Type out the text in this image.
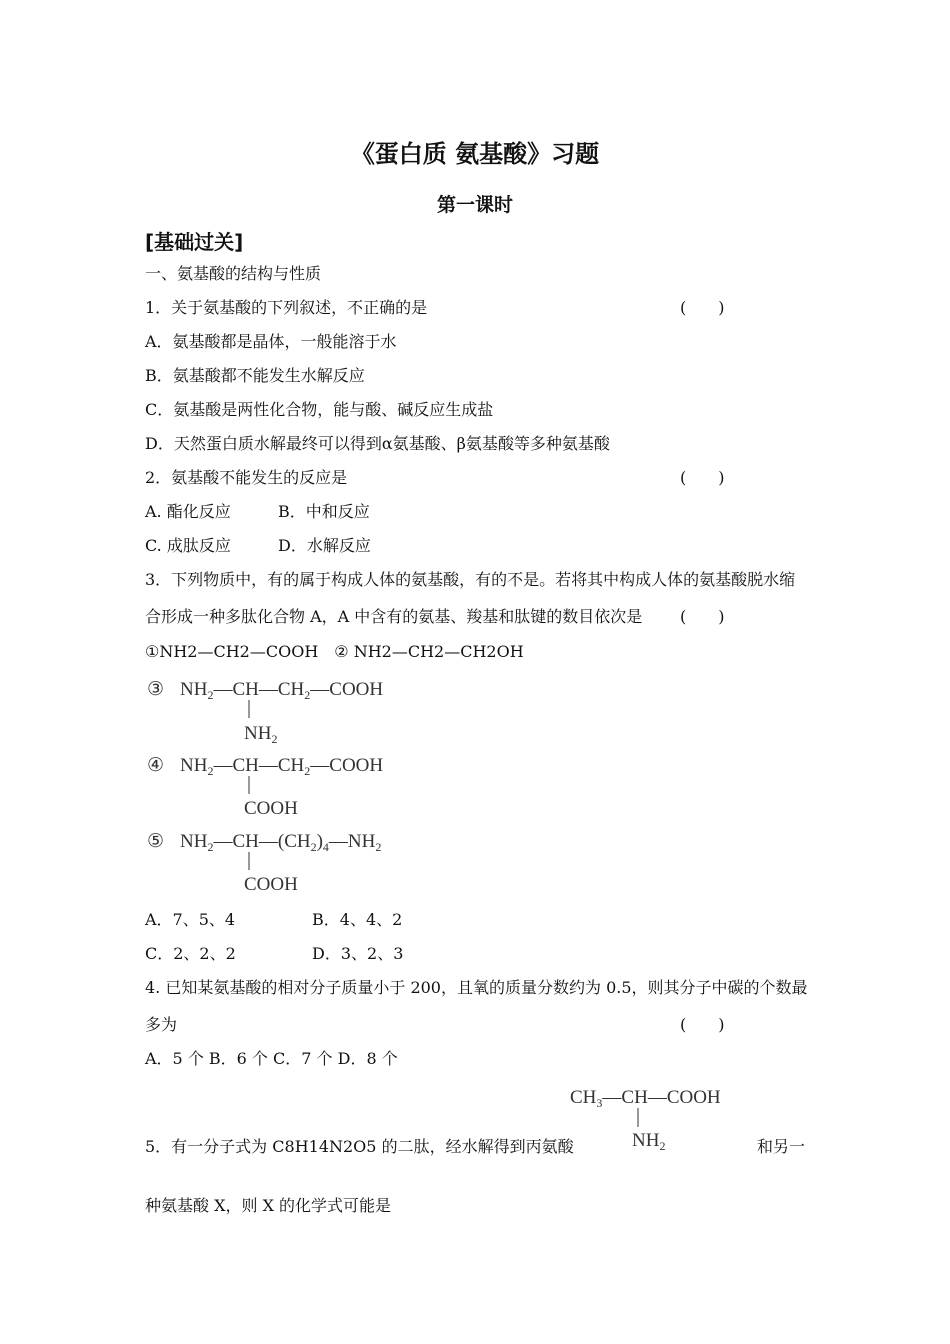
《蛋白质 氨基酸》习题
第一课时
[基础过关]
一、氨基酸的结构与性质
1．关于氨基酸的下列叙述，不正确的是	(　　)
A．氨基酸都是晶体，一般能溶于水
B．氨基酸都不能发生水解反应
C．氨基酸是两性化合物，能与酸、碱反应生成盐
D．天然蛋白质水解最终可以得到α氨基酸、β氨基酸等多种氨基酸
2．氨基酸不能发生的反应是	(　　)
A. 酯化反应	B．中和反应
C. 成肽反应	D．水解反应
3．下列物质中，有的属于构成人体的氨基酸，有的不是。若将其中构成人体的氨基酸脱水缩
合形成一种多肽化合物 A，A 中含有的氨基、羧基和肽键的数目依次是 (　　)
①NH2—CH2—COOH　② NH2—CH2—CH2OH
③ $NH_2—CH—CH_2—COOH$
$NH_2$
④ $NH_2—CH—CH_2—COOH$
COOH
⑤ $NH_2—CH—(CH_2)_4—NH_2$
COOH
$CH_3—CH—COOH$
$NH_2$
A．7、5、4	B．4、4、2
C．2、2、2	D．3、2、3
4. 已知某氨基酸的相对分子质量小于 200，且氧的质量分数约为 0.5，则其分子中碳的个数最
多为	(　　)
A．5 个 B．6 个 C．7 个 D．8 个
5．有一分子式为 C8H14N2O5 的二肽，经水解得到丙氨酸	和另一
种氨基酸 X，则 X 的化学式可能是
